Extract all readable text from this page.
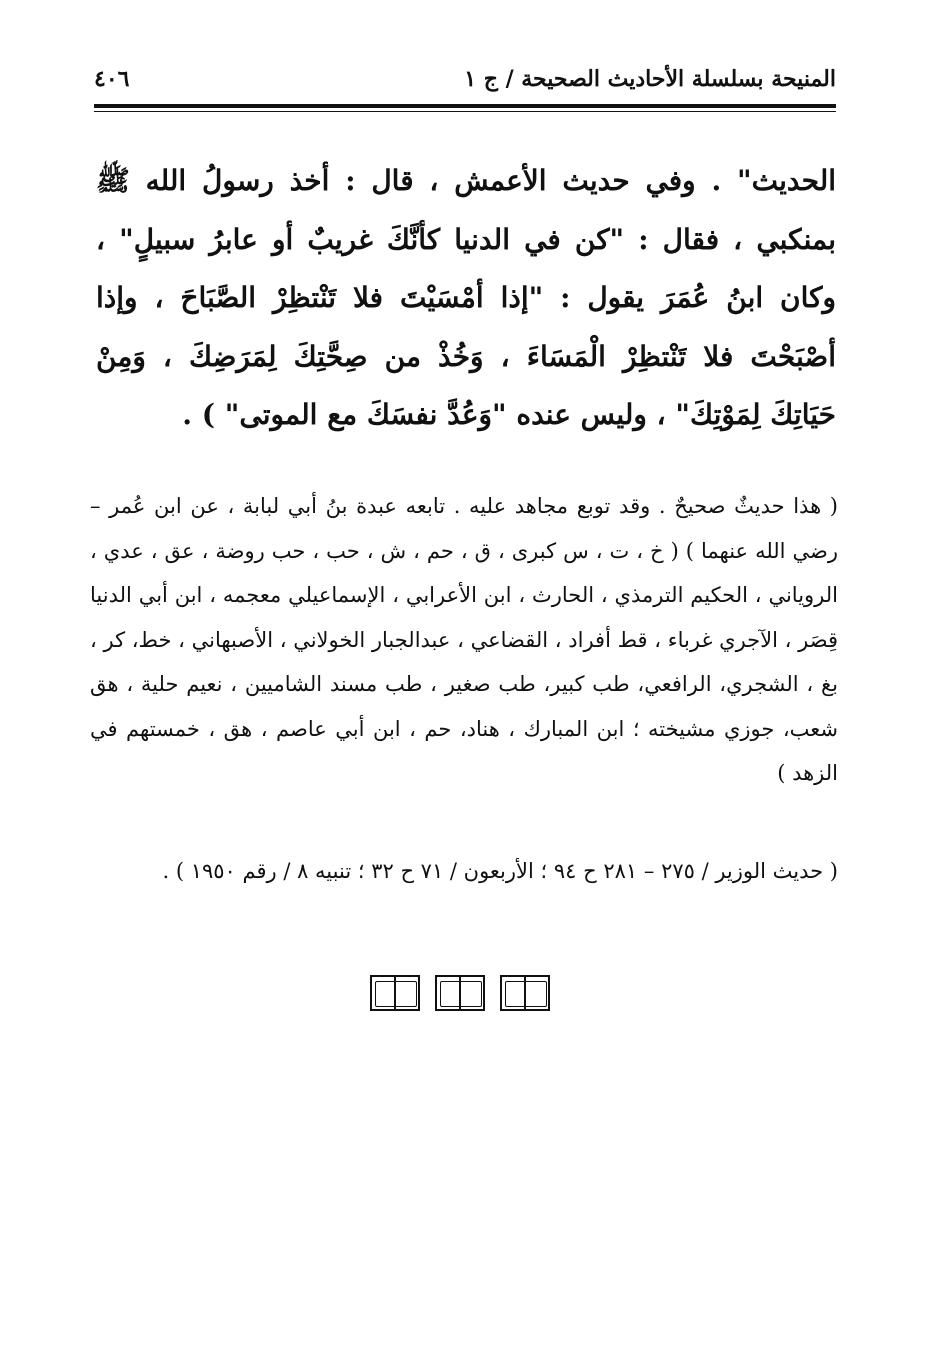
المنيحة بسلسلة الأحاديث الصحيحة / ج ١
٤٠٦

الحديث" . وفي حديث الأعمش ، قال : أخذ رسولُ الله ﷺ بمنكبي ، فقال : "كن في الدنيا كأنَّكَ غريبٌ أو عابرُ سبيلٍ" ، وكان ابنُ عُمَرَ يقول : "إذا أمْسَيْتَ فلا تَنْتظِرْ الصَّبَاحَ ، وإذا أصْبَحْتَ فلا تَنْتظِرْ الْمَسَاءَ ، وَخُذْ من صِحَّتِكَ لِمَرَضِكَ ، وَمِنْ حَيَاتِكَ لِمَوْتِكَ" ، وليس عنده "وَعُدَّ نفسَكَ مع الموتى" ) .

( هذا حديثٌ صحيحٌ . وقد توبع مجاهد عليه . تابعه عبدة بنُ أبي لبابة ، عن ابن عُمر – رضي الله عنهما ) ( خ ، ت ، س كبرى ، ق ، حم ، ش ، حب ، حب روضة ، عق ، عدي ، الروياني ، الحكيم الترمذي ، الحارث ، ابن الأعرابي ، الإسماعيلي معجمه ، ابن أبي الدنيا قِصَر ، الآجري غرباء ، قط أفراد ، القضاعي ، عبدالجبار الخولاني ، الأصبهاني ، خط، كر ، بغ ، الشجري، الرافعي، طب كبير، طب صغير ، طب مسند الشاميين ، نعيم حلية ، هق شعب، جوزي مشيخته ؛ ابن المبارك ، هناد، حم ، ابن أبي عاصم ، هق ، خمستهم في الزهد )

( حديث الوزير / ٢٧٥ – ٢٨١ ح ٩٤ ؛ الأربعون / ٧١ ح ٣٢ ؛ تنبيه ٨ / رقم ١٩٥٠ ) .
